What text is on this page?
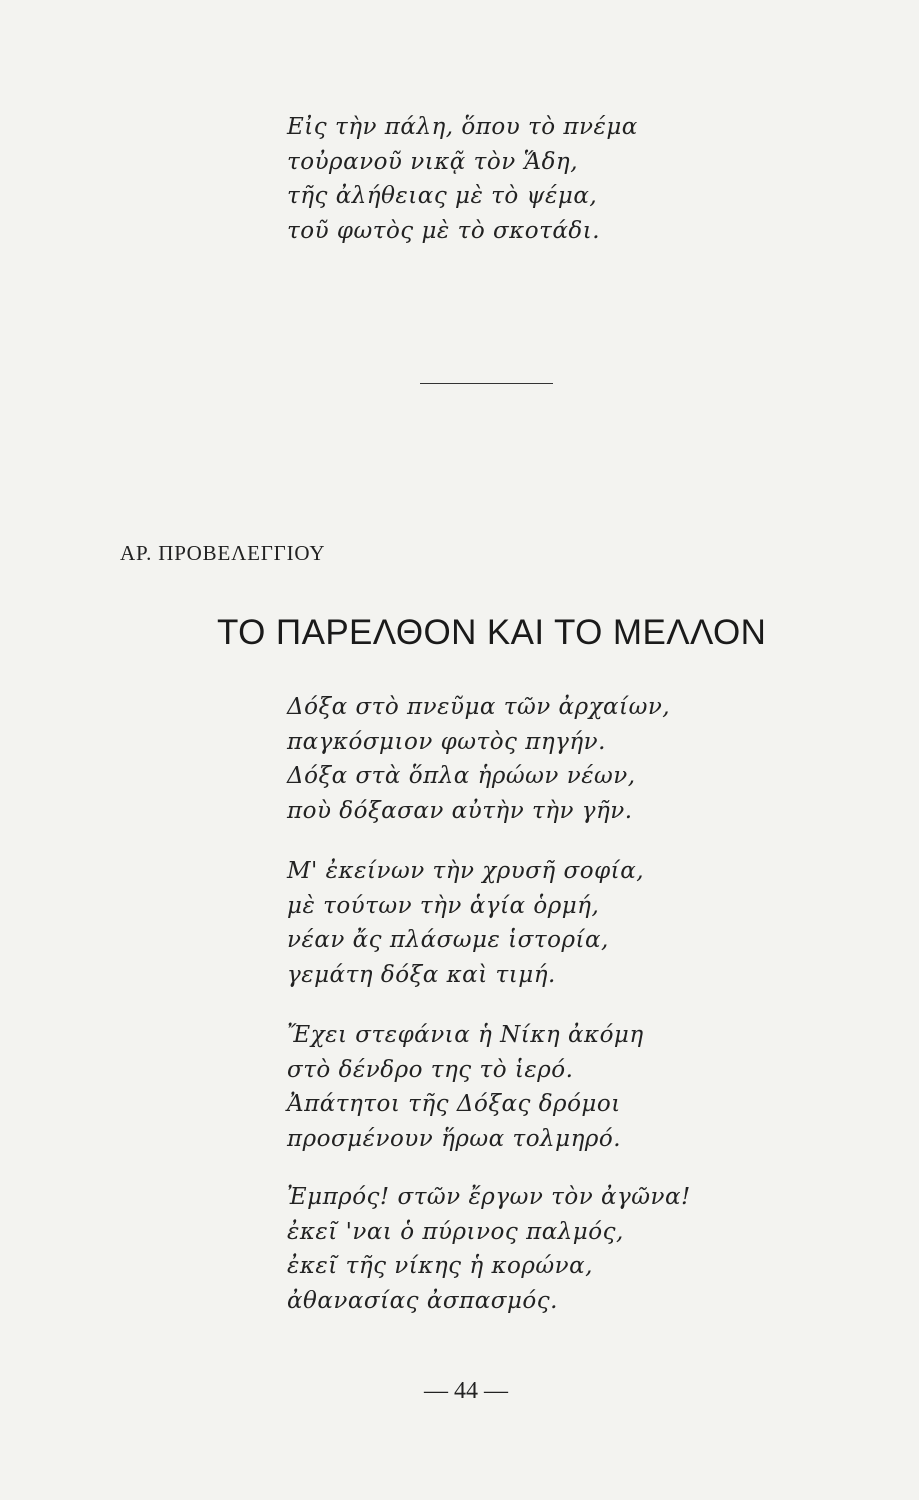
Εἰς τὴν πάλη, ὅπου τὸ πνέμα
τοὐρανοῦ νικᾷ τὸν Ἅδη,
τῆς ἀλήθειας μὲ τὸ ψέμα,
τοῦ φωτὸς μὲ τὸ σκοτάδι.
ΑΡ. ΠΡΟΒΕΛΕΓΓΙΟΥ
ΤΟ ΠΑΡΕΛΘΟΝ ΚΑΙ ΤΟ ΜΕΛΛΟΝ
Δόξα στὸ πνεῦμα τῶν ἀρχαίων,
παγκόσμιον φωτὸς πηγήν.
Δόξα στὰ ὅπλα ἡρώων νέων,
ποὺ δόξασαν αὐτὴν τὴν γῆν.
Μ' ἐκείνων τὴν χρυσῆ σοφία,
μὲ τούτων τὴν ἁγία ὁρμή,
νέαν ἄς πλάσωμε ἱστορία,
γεμάτη δόξα καὶ τιμή.
Ἔχει στεφάνια ἡ Νίκη ἀκόμη
στὸ δένδρο της τὸ ἱερό.
Ἀπάτητοι τῆς Δόξας δρόμοι
προσμένουν ἥρωα τολμηρό.
Ἐμπρός! στῶν ἔργων τὸν ἀγῶνα!
ἐκεῖ 'ναι ὁ πύρινος παλμός,
ἐκεῖ τῆς νίκης ἡ κορώνα,
ἀθανασίας ἀσπασμός.
— 44 —
